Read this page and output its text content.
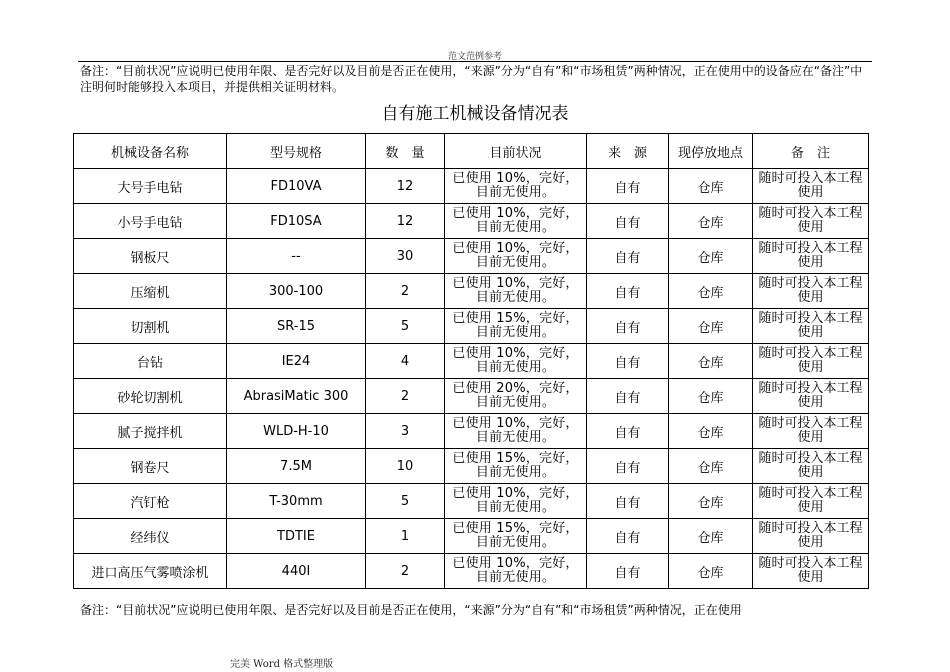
范文范例参考
备注：“目前状况”应说明已使用年限、是否完好以及目前是否正在使用，“来源”分为“自有”和“市场租赁”两种情况，正在使用中的设备应在“备注”中注明何时能够投入本项目，并提供相关证明材料。
自有施工机械设备情况表
机械设备名称	型号规格	数　量	目前状况	来　源	现停放地点	备　注
大号手电钻	FD10VA	12	已使用 10%，完好，目前无使用。	自有	仓库	随时可投入本工程使用
小号手电钻	FD10SA	12	已使用 10%，完好，目前无使用。	自有	仓库	随时可投入本工程使用
钢板尺	--	30	已使用 10%，完好，目前无使用。	自有	仓库	随时可投入本工程使用
压缩机	300-100	2	已使用 10%，完好，目前无使用。	自有	仓库	随时可投入本工程使用
切割机	SR-15	5	已使用 15%，完好，目前无使用。	自有	仓库	随时可投入本工程使用
台钻	IE24	4	已使用 10%，完好，目前无使用。	自有	仓库	随时可投入本工程使用
砂轮切割机	AbrasiMatic 300	2	已使用 20%，完好，目前无使用。	自有	仓库	随时可投入本工程使用
腻子搅拌机	WLD-H-10	3	已使用 10%，完好，目前无使用。	自有	仓库	随时可投入本工程使用
钢卷尺	7.5M	10	已使用 15%，完好，目前无使用。	自有	仓库	随时可投入本工程使用
汽钉枪	T-30mm	5	已使用 10%，完好，目前无使用。	自有	仓库	随时可投入本工程使用
经纬仪	TDTIE	1	已使用 15%，完好，目前无使用。	自有	仓库	随时可投入本工程使用
进口高压气雾喷涂机	440I	2	已使用 10%，完好，目前无使用。	自有	仓库	随时可投入本工程使用
备注：“目前状况”应说明已使用年限、是否完好以及目前是否正在使用，“来源”分为“自有”和“市场租赁”两种情况，正在使用
完美 Word 格式整理版
